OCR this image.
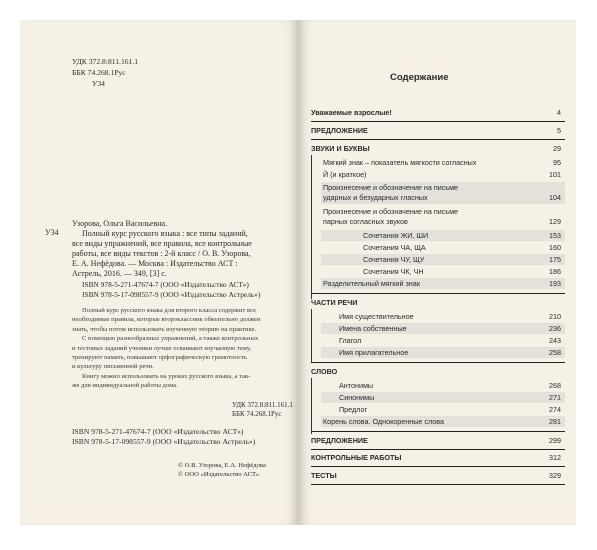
УДК 372.8:811.161.1
ББК 74.268.1Рус
У34
Узорова, Ольга Васильевна.
У34	Полный курс русского языка : все типы заданий,
все виды упражнений, все правила, все контрольные
работы, все виды текстов : 2-й класс / О. В. Узорова,
Е. А. Нефёдова. — Москва : Издательство АСТ :
Астрель, 2016. — 349, [3] с.
ISBN 978-5-271-47674-7 (ООО «Издательство АСТ»)
ISBN 978-5-17-098557-9 (ООО «Издательство Астрель»)
Полный курс русского языка для второго класса содержит все
необходимые правила, которые второклассник обязательно должен
знать, чтобы потом использовать изученную теорию на практике.
С помощью разнообразных упражнений, а также контрольных
и тестовых заданий ученики лучше осваивают изучаемую тему,
тренируют память, повышают орфографическую грамотность
и культуру письменной речи.
Книгу можно использовать на уроках русского языка, а так-
же для индивидуальной работы дома.
УДК 372.8:811.161.1
ББК 74.268.1Рус
ISBN 978-5-271-47674-7 (ООО «Издательство АСТ»)
ISBN 978-5-17-098557-9 (ООО «Издательство Астрель»)
© О.В. Узорова, Е.А. Нефёдова
© ООО «Издательство АСТ»
Содержание
Уважаемые взрослые!	4
ПРЕДЛОЖЕНИЕ	5
ЗВУКИ И БУКВЫ	29
Мягкий знак – показатель мягкости согласных	95
Й (и краткое)	101
Произнесение и обозначение на письме
ударных и безударных гласных	104
Произнесение и обозначение на письме
парных согласных звуков	129
Сочетания ЖИ, ШИ	153
Сочетания ЧА, ЩА	160
Сочетания ЧУ, ЩУ	175
Сочетания ЧК, ЧН	186
Разделительный мягкий знак	193
ЧАСТИ РЕЧИ
Имя существительное	210
Имена собственные	236
Глагол	243
Имя прилагательное	258
СЛОВО
Антонимы	268
Синонимы	271
Предлог	274
Корень слова. Однокоренные слова	281
ПРЕДЛОЖЕНИЕ	299
КОНТРОЛЬНЫЕ РАБОТЫ	312
ТЕСТЫ	329
